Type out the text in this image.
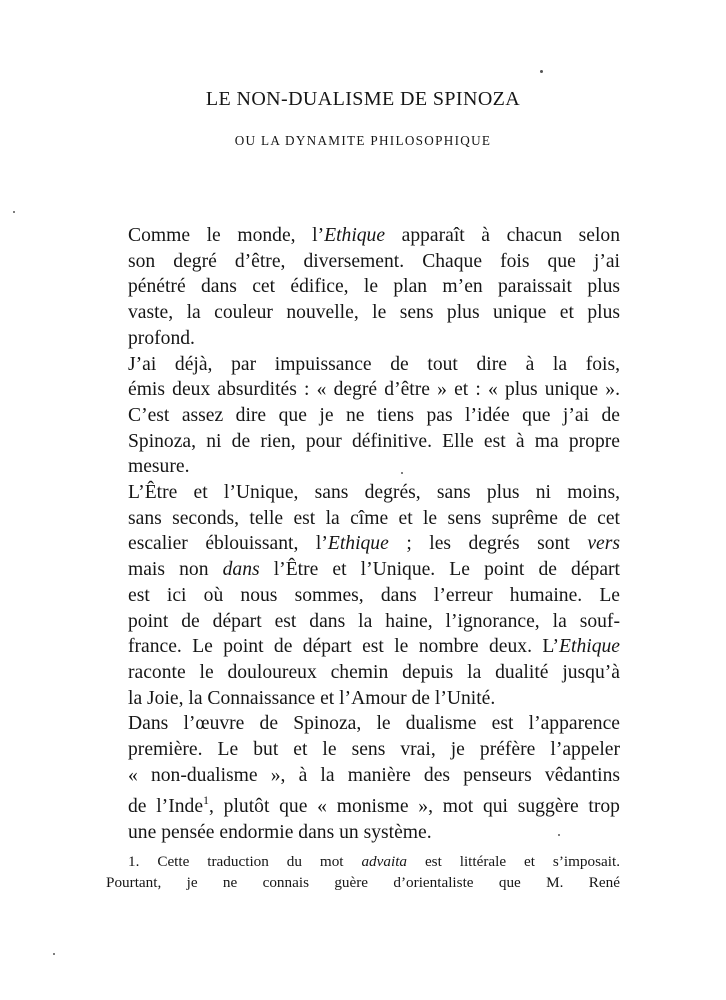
LE NON-DUALISME DE SPINOZA
OU LA DYNAMITE PHILOSOPHIQUE
Comme le monde, l’Ethique apparaît à chacun selon
son degré d’être, diversement. Chaque fois que j’ai
pénétré dans cet édifice, le plan m’en paraissait plus
vaste, la couleur nouvelle, le sens plus unique et plus
profond.
J’ai déjà, par impuissance de tout dire à la fois,
émis deux absurdités : « degré d’être » et : « plus unique ».
C’est assez dire que je ne tiens pas l’idée que j’ai de
Spinoza, ni de rien, pour définitive. Elle est à ma propre
mesure.
L’Être et l’Unique, sans degrés, sans plus ni moins,
sans seconds, telle est la cîme et le sens suprême de cet
escalier éblouissant, l’Ethique ; les degrés sont vers
mais non dans l’Être et l’Unique. Le point de départ
est ici où nous sommes, dans l’erreur humaine. Le
point de départ est dans la haine, l’ignorance, la souf-
france. Le point de départ est le nombre deux. L’Ethique
raconte le douloureux chemin depuis la dualité jusqu’à
la Joie, la Connaissance et l’Amour de l’Unité.
Dans l’œuvre de Spinoza, le dualisme est l’apparence
première. Le but et le sens vrai, je préfère l’appeler
« non-dualisme », à la manière des penseurs vêdantins
de l’Inde$^1$, plutôt que « monisme », mot qui suggère trop
une pensée endormie dans un système.
1. Cette traduction du mot advaita est littérale et s’imposait.
Pourtant, je ne connais guère d’orientaliste que M. René
